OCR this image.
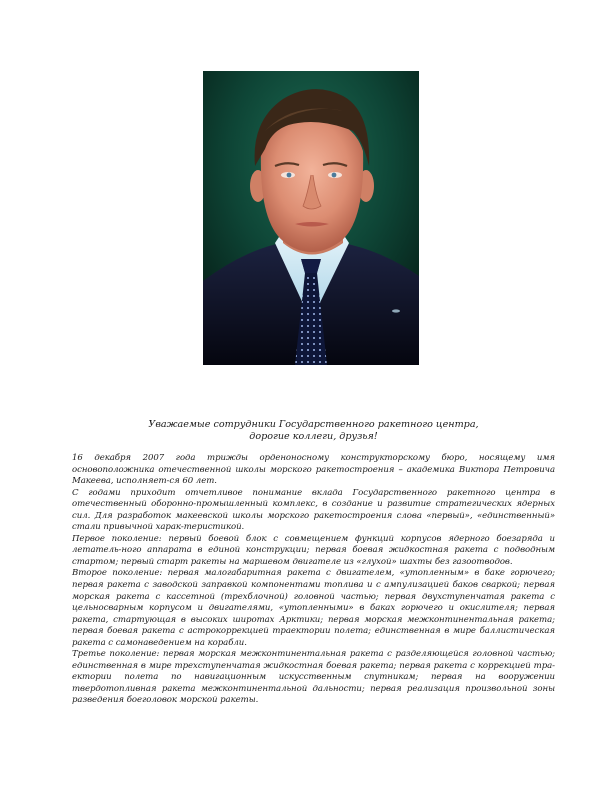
Уважаемые сотрудники Государственного ракетного центра,
дорогие коллеги, друзья!

16 декабря 2007 года трижды орденоносному конструкторскому бюро, носящему имя основоположника отечественной школы морского ракетостроения – академика Виктора Петровича Макеева, исполняет-ся 60 лет.

С годами приходит отчетливое понимание вклада Государственного ракетного центра в отечественный оборонно-промышленный комплекс, в создание и развитие стратегических ядерных сил. Для разработок макеевской школы морского ракетостроения слова «первый», «единственный» стали привычной харак-теристикой.

Первое поколение: первый боевой блок с совмещением функций корпусов ядерного боезаряда и летатель-ного аппарата в единой конструкции; первая боевая жидкостная ракета с подводным стартом; первый старт ракеты на маршевом двигателе из «глухой» шахты без газоотводов.

Второе поколение: первая малогабаритная ракета с двигателем, «утопленным» в баке горючего; первая ракета с заводской заправкой компонентами топлива и с ампулизацией баков сваркой; первая морская ракета с кассетной (трехблочной) головной частью; первая двухступенчатая ракета с цельносварным корпусом и двигателями, «утопленными» в баках горючего и окислителя; первая ракета, стартующая в высоких широтах Арктики; первая морская межконтинентальная ракета; первая боевая ракета с астрокоррекцией траектории полета; единственная в мире баллистическая ракета с самонаведением на корабли.

Третье поколение: первая морская межконтинентальная ракета с разделяющейся головной частью; единственная в мире трехступенчатая жидкостная боевая ракета; первая ракета с коррекцией тра-ектории полета по навигационным искусственным спутникам; первая на вооружении твердотопливная ракета межконтинентальной дальности; первая реализация произвольной зоны разведения боеголовок морской ракеты.
